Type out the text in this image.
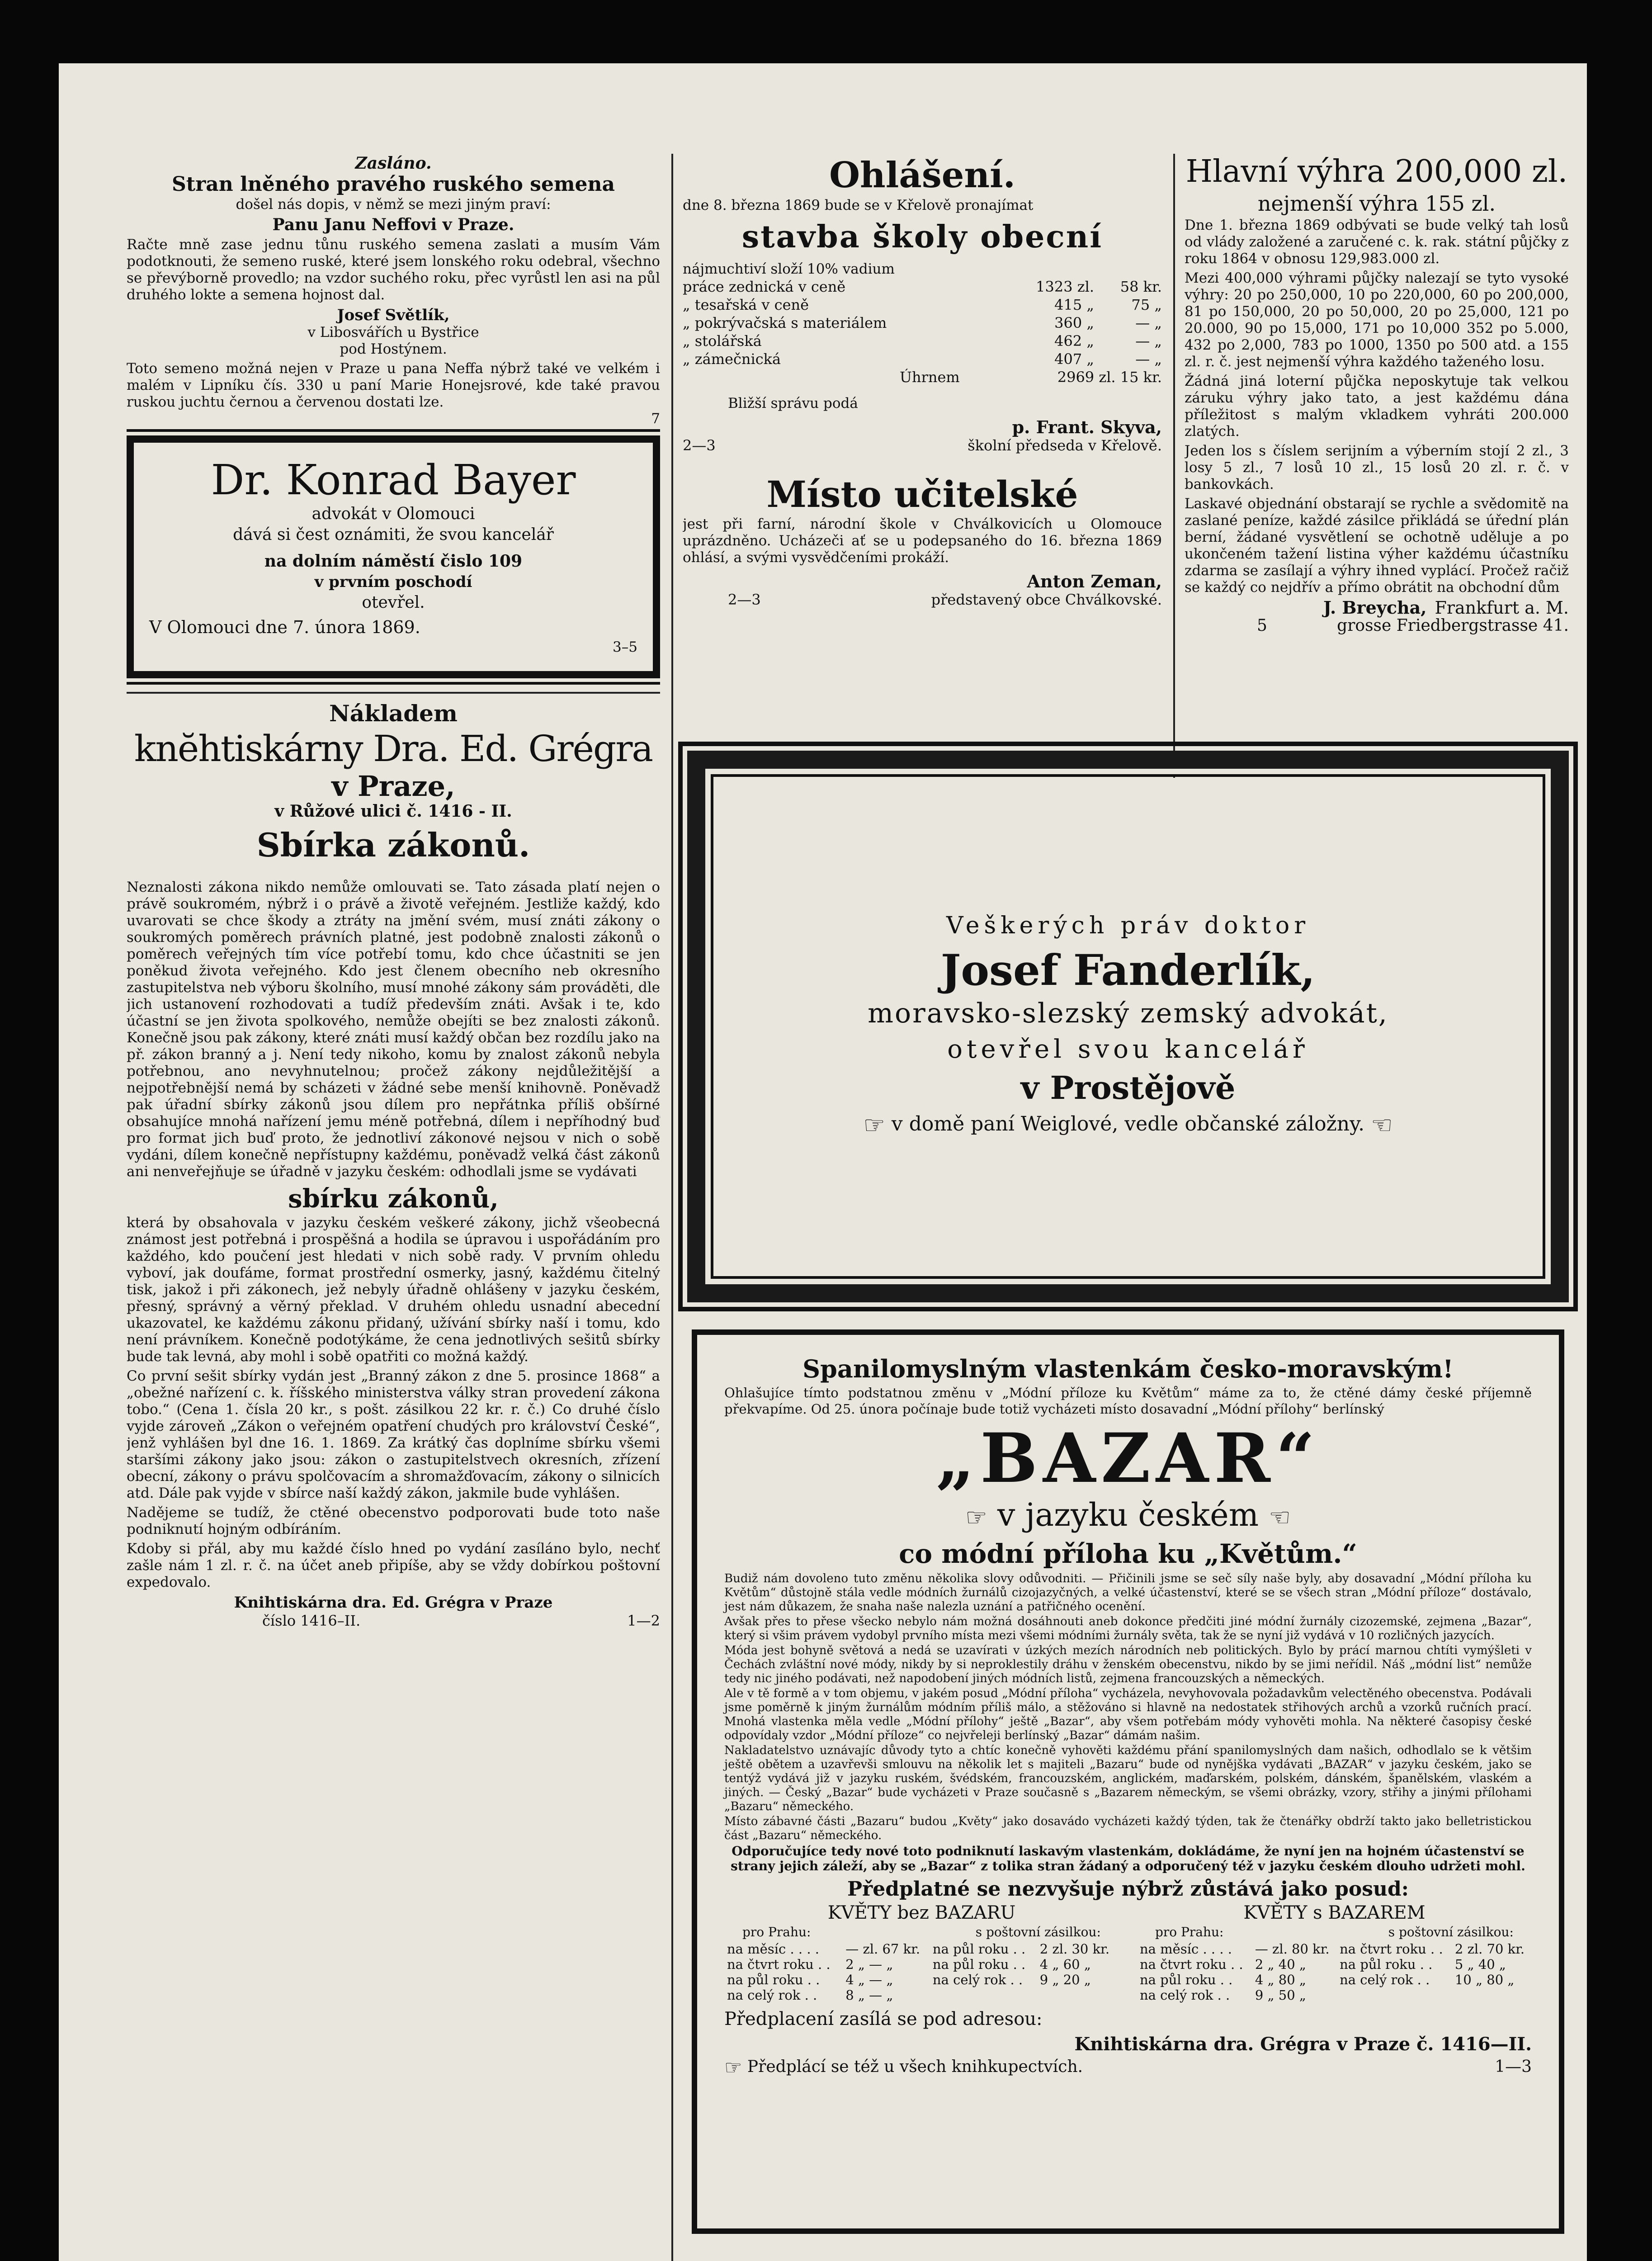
Zasláno.
Stran lněného pravého ruského semena

došel nás dopis, v němž se mezi jiným praví:

Panu Janu Neffovi v Praze.

Račte mně zase jednu tůnu ruského semena zaslati a musím Vám podotknouti, že semeno ruské, které jsem lonského roku odebral, všechno se převýborně provedlo; na vzdor suchého roku, přec vyrůstl len asi na půl druhého lokte a semena hojnost dal.

Josef Světlík,

v Libosvářích u Bystřice

pod Hostýnem.

Toto semeno možná nejen v Praze u pana Neffa nýbrž také ve velkém i malém v Lipníku čís. 330 u paní Marie Honejsrové, kde také pravou ruskou juchtu černou a červenou dostati lze.

7

Dr. Konrad Bayer

advokát v Olomouci

dává si čest oznámiti, že svou kancelář

na dolním náměstí čislo 109

v prvním poschodí

otevřel.

V Olomouci dne 7. února 1869.

3–5

Nákladem
knĕhtiskárny Dra. Ed. Grégra
v Praze,

v Růžové ulici č. 1416 - II.

Sbírka zákonů.

Neznalosti zákona nikdo nemůže omlouvati se. Tato zásada platí nejen o právě soukromém, nýbrž i o právě a životě veřejném. Jestliže každý, kdo uvarovati se chce škody a ztráty na jmění svém, musí znáti zákony o soukromých poměrech právních platné, jest podobně znalosti zákonů o poměrech veřejných tím více potřebí tomu, kdo chce účastniti se jen poněkud života veřejného. Kdo jest členem obecního neb okresního zastupitelstva neb výboru školního, musí mnohé zákony sám prováděti, dle jich ustanovení rozhodovati a tudíž především znáti. Avšak i te, kdo účastní se jen života spolkového, nemůže obejíti se bez znalosti zákonů. Konečně jsou pak zákony, které znáti musí každý občan bez rozdílu jako na př. zákon branný a j. Není tedy nikoho, komu by znalost zákonů nebyla potřebnou, ano nevyhnutelnou; pročež zákony nejdůležitější a nejpotřebnější nemá by scházeti v žádné sebe menší knihovně. Poněvadž pak úřadní sbírky zákonů jsou dílem pro nepřátnka příliš obšírné obsahujíce mnohá nařízení jemu méně potřebná, dílem i nepříhodný buď pro format jich buď proto, že jednotliví zákonové nejsou v nich o sobě vydáni, dílem konečně nepřístupny každému, poněvadž velká část zákonů ani nenveřejňuje se úřadně v jazyku českém: odhodlali jsme se vydávati

sbírku zákonů,

která by obsahovala v jazyku českém veškeré zákony, jichž všeobecná známost jest potřebná i prospěšná a hodila se úpravou i uspořádáním pro každého, kdo poučení jest hledati v nich sobě rady. V prvním ohledu vyboví, jak doufáme, format prostřední osmerky, jasný, každému čitelný tisk, jakož i při zákonech, jež nebyly úřadně ohlášeny v jazyku českém, přesný, správný a věrný překlad. V druhém ohledu usnadní abecední ukazovatel, ke každému zákonu přidaný, užívání sbírky naší i tomu, kdo není právníkem. Konečně podotýkáme, že cena jednotlivých sešitů sbírky bude tak levná, aby mohl i sobě opatřiti co možná každý.

Co první sešit sbírky vydán jest „Branný zákon z dne 5. prosince 1868“ a „obežné nařízení c. k. říšského ministerstva války stran provedení zákona tobo.“ (Cena 1. čísla 20 kr., s pošt. zásilkou 22 kr. r. č.) Co druhé číslo vyjde zároveň „Zákon o veřejném opatření chudých pro království České“, jenž vyhlášen byl dne 16. 1. 1869. Za krátký čas doplníme sbírku všemi staršími zákony jako jsou: zákon o zastupitelstvech okresních, zřízení obecní, zákony o právu spolčovacím a shromažďovacím, zákony o silnicích atd. Dále pak vyjde v sbírce naší každý zákon, jakmile bude vyhlášen.

Nadějeme se tudíž, že ctěné obecenstvo podporovati bude toto naše podniknutí hojným odbíráním.

Kdoby si přál, aby mu každé číslo hned po vydání zasíláno bylo, nechť zašle nám 1 zl. r. č. na účet aneb připíše, aby se vždy dobírkou poštovní expedovalo.

Knihtiskárna dra. Ed. Grégra v Praze

číslo 1416–II.	1—2
Ohlášení.

dne 8. března 1869 bude se v Křelově pronajímat

stavba školy obecní

nájmuchtiví složí 10% vadium

práce zednická v ceně	1323 zl.	58 kr.
„ tesařská v ceně	415 „	75 „
„ pokrývačská s materiálem	360 „	— „
„ stolářská	462 „	— „
„ zámečnická	407 „	— „
Úhrnem	2969 zl. 15 kr.

Bližší správu podá

p. Frant. Skyva,

2—3	školní předseda v Křelově.
Místo učitelské

jest při farní, národní škole v Chválkovicích u Olomouce uprázdněno. Ucházeči ať se u podepsaného do 16. března 1869 ohlásí, a svými vysvědčeními prokáží.

Anton Zeman,

2—3	představený obce Chválkovské.
Hlavní výhra 200,000 zl.
nejmenší výhra 155 zl.

Dne 1. března 1869 odbývati se bude velký tah losů od vlády založené a zaručené c. k. rak. státní půjčky z roku 1864 v obnosu 129,983.000 zl.

Mezi 400,000 výhrami půjčky nalezají se tyto vysoké výhry: 20 po 250,000, 10 po 220,000, 60 po 200,000, 81 po 150,000, 20 po 50,000, 20 po 25,000, 121 po 20.000, 90 po 15,000, 171 po 10,000 352 po 5.000, 432 po 2,000, 783 po 1000, 1350 po 500 atd. a 155 zl. r. č. jest nejmenší výhra každého taženého losu.

Žádná jiná loterní půjčka neposkytuje tak velkou záruku výhry jako tato, a jest každému dána příležitost s malým vkladkem vyhráti 200.000 zlatých.

Jeden los s číslem serijním a výberním stojí 2 zl., 3 losy 5 zl., 7 losů 10 zl., 15 losů 20 zl. r. č. v bankovkách.

Laskavé objednání obstarají se rychle a svědomitě na zaslané peníze, každé zásilce přikládá se úřední plán berní, žádané vysvětlení se ochotně uděluje a po ukončeném tažení listina výher každému účastníku zdarma se zasílají a výhry ihned vyplácí. Pročež račiž se každý co nejdřív a přímo obrátit na obchodní dům

J. Breycha, Frankfurt a. M.
5	grosse Friedbergstrasse 41.
Veškerých práv doktor
Josef Fanderlík,
moravsko-slezský zemský advokát,
otevřel svou kancelář
v Prostějově
☞ v domě paní Weiglové, vedle občanské záložny. ☜
Spanilomyslným vlastenkám česko-moravským!

Ohlašujíce tímto podstatnou změnu v „Módní příloze ku Květům“ máme za to, že ctěné dámy české příjemně překvapíme. Od 25. února počínaje bude totiž vycházeti místo dosavadní „Módní přílohy“ berlínský

„BAZAR“
☞ v jazyku českém ☜
co módní příloha ku „Květům.“

Budiž nám dovoleno tuto změnu několika slovy odůvodniti. — Přičinili jsme se seč síly naše byly, aby dosavadní „Módní příloha ku Květům“ důstojně stála vedle módních žurnálů cizojazyčných, a velké účastenství, které se se všech stran „Módní příloze“ dostávalo, jest nám důkazem, že snaha naše nalezla uznání a patřičného ocenění.

Avšak přes to přese všecko nebylo nám možná dosáhnouti aneb dokonce předčiti jiné módní žurnály cizozemské, zejmena „Bazar“, který si všim právem vydobyl prvního místa mezi všemi módními žurnály světa, tak že se nyní již vydává v 10 rozličných jazycích.

Móda jest bohyně světová a nedá se uzavírati v úzkých mezích národních neb politických. Bylo by prácí marnou chtíti vymýšleti v Čechách zvláštní nové módy, nikdy by si neproklestily dráhu v ženském obecenstvu, nikdo by se jimi neřídil. Náš „módní list“ nemůže tedy nic jiného podávati, než napodobení jiných módních listů, zejmena francouzských a německých.

Ale v tě formě a v tom objemu, v jakém posud „Módní příloha“ vycházela, nevyhovovala požadavkům velectěného obecenstva. Podávali jsme poměrně k jiným žurnálům módním příliš málo, a stěžováno si hlavně na nedostatek střihových archů a vzorků ručních prací. Mnohá vlastenka měla vedle „Módní přílohy“ ještě „Bazar“, aby všem potřebám módy vyhověti mohla. Na některé časopisy české odpovídaly vzdor „Módní příloze“ co nejvřeleji berlínský „Bazar“ dámám našim.

Nakladatelstvo uznávajíc důvody tyto a chtíc konečně vyhověti každému přání spanilomyslných dam našich, odhodlalo se k většim ještě obětem a uzavřevši smlouvu na několik let s majiteli „Bazaru“ bude od nynějška vydávati „BAZAR“ v jazyku českém, jako se tentýž vydává již v jazyku ruském, švédském, francouzském, anglickém, maďarském, polském, dánském, španělském, vlaském a jiných. — Český „Bazar“ bude vycházeti v Praze současně s „Bazarem německým, se všemi obrázky, vzory, střihy a jinými přílohami „Bazaru“ německého.

Místo zábavné části „Bazaru“ budou „Květy“ jako dosavádo vycházeti každý týden, tak že čtenářky obdrží takto jako belletristickou část „Bazaru“ německého.

Odporučujíce tedy nové toto podniknutí laskavým vlastenkám, dokládáme, že nyní jen na hojném účastenství se strany jejich záleží, aby se „Bazar“ z tolika stran žádaný a odporučený též v jazyku českém dlouho udržeti mohl.

Předplatné se nezvyšuje nýbrž zůstává jako posud:
KVĚTY bez BAZARU
pro Prahu:	s poštovní zásilkou:
na měsíc . . . .	— zl. 67 kr.	na půl roku . .	2 zl. 30 kr.
na čtvrt roku . .	2 „ — „	na půl roku . .	4 „ 60 „
na půl roku . .	4 „ — „	na celý rok . .	9 „ 20 „
na celý rok . .	8 „ — „		
KVĚTY s BAZAREM
pro Prahu:	s poštovní zásilkou:
na měsíc . . . .	— zl. 80 kr.	na čtvrt roku . .	2 zl. 70 kr.
na čtvrt roku . .	2 „ 40 „	na půl roku . .	5 „ 40 „
na půl roku . .	4 „ 80 „	na celý rok . .	10 „ 80 „
na celý rok . .	9 „ 50 „		
Předplacení zasílá se pod adresou:
Knihtiskárna dra. Grégra v Praze č. 1416—II.
☞ Předplácí se též u všech knihkupectvích.	1—3
